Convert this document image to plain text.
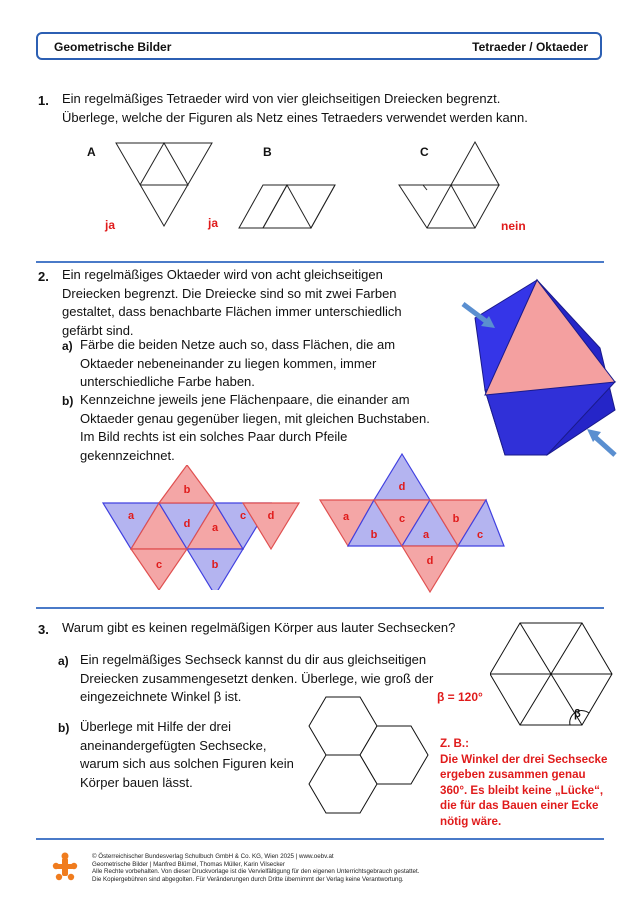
Geometrische Bilder	Tetraeder / Oktaeder
1. Ein regelmäßiges Tetraeder wird von vier gleichseitigen Dreiecken begrenzt.
Überlege, welche der Figuren als Netz eines Tetraeders verwendet werden kann.
A	B	C
ja	ja	nein
2. Ein regelmäßiges Oktaeder wird von acht gleichseitigen
Dreiecken begrenzt. Die Dreiecke sind so mit zwei Farben
gestaltet, dass benachbarte Flächen immer unterschiedlich
gefärbt sind.
a) Färbe die beiden Netze auch so, dass Flächen, die am
Oktaeder nebeneinander zu liegen kommen, immer
unterschiedliche Farbe haben.
b) Kennzeichne jeweils jene Flächenpaare, die einander am
Oktaeder genau gegenüber liegen, mit gleichen Buchstaben.
Im Bild rechts ist ein solches Paar durch Pfeile
gekennzeichnet.
a
b
c
d
d
a
c
b
d
a
b
c
a
b
c
d
3. Warum gibt es keinen regelmäßigen Körper aus lauter Sechsecken?
a) Ein regelmäßiges Sechseck kannst du dir aus gleichseitigen
Dreiecken zusammengesetzt denken. Überlege, wie groß der
eingezeichnete Winkel β ist.
b) Überlege mit Hilfe der drei
aneinandergefügten Sechsecke,
warum sich aus solchen Figuren kein
Körper bauen lässt.
β
β = 120°
Z. B.:
Die Winkel der drei Sechsecke
ergeben zusammen genau
360°. Es bleibt keine „Lücke“,
die für das Bauen einer Ecke
nötig wäre.
© Österreichischer Bundesverlag Schulbuch GmbH & Co. KG, Wien 2025 | www.oebv.at
Geometrische Bilder | Manfred Blümel, Thomas Müller, Karin Vilsecker
Alle Rechte vorbehalten. Von dieser Druckvorlage ist die Vervielfältigung für den eigenen Unterrichtsgebrauch gestattet.
Die Kopiergebühren sind abgegolten. Für Veränderungen durch Dritte übernimmt der Verlag keine Verantwortung.
